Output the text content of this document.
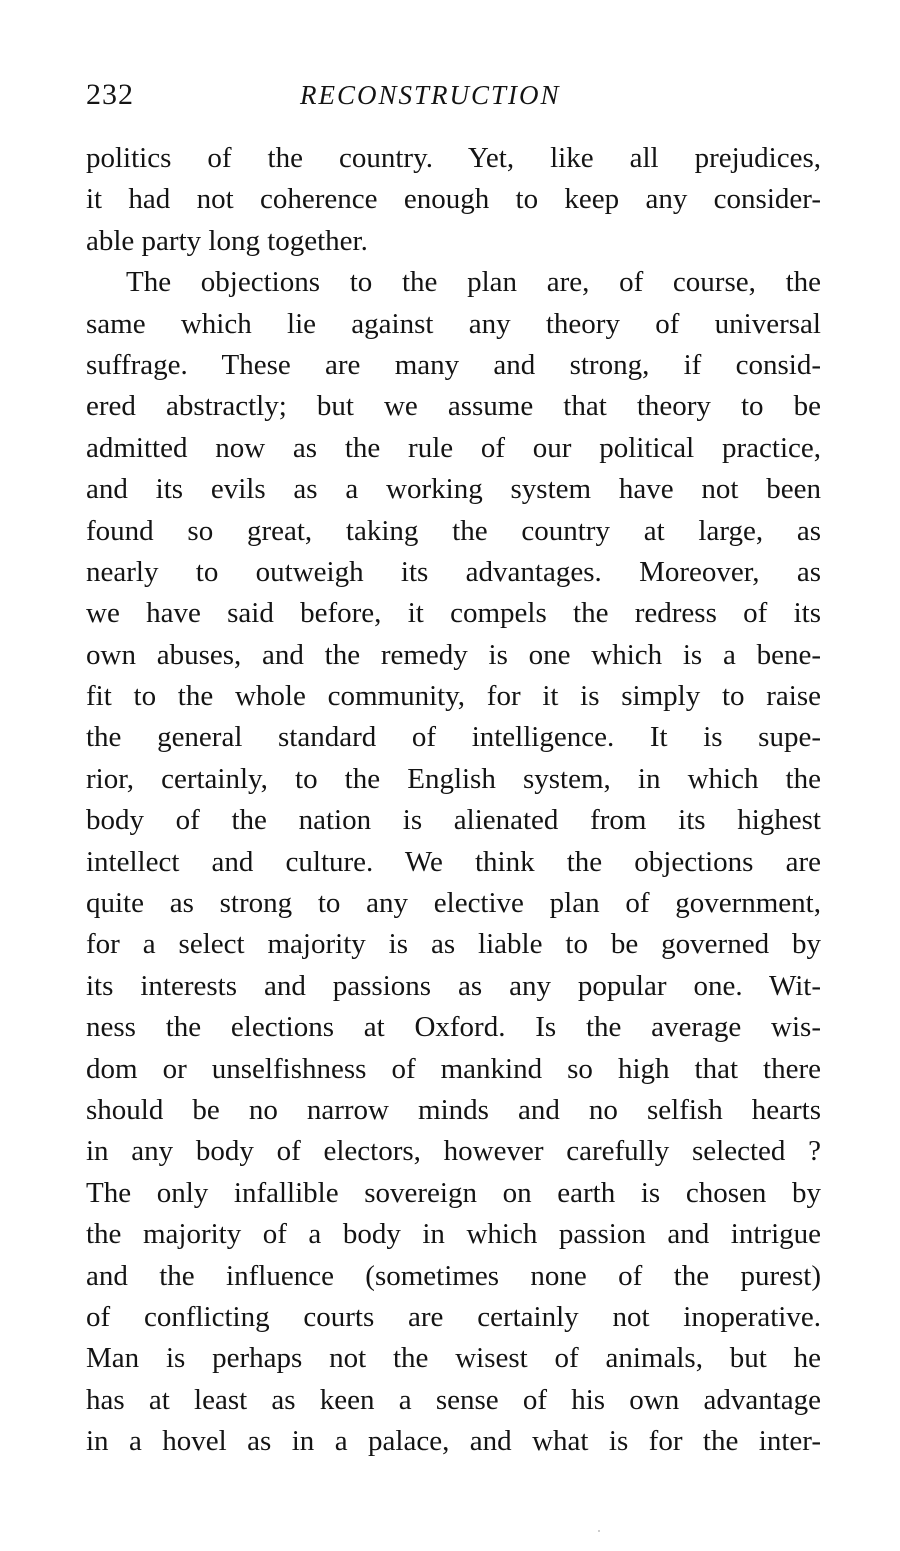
232	RECONSTRUCTION
politics of the country. Yet, like all prejudices,
it had not coherence enough to keep any consider-
able party long together.
The objections to the plan are, of course, the
same which lie against any theory of universal
suffrage. These are many and strong, if consid-
ered abstractly; but we assume that theory to be
admitted now as the rule of our political practice,
and its evils as a working system have not been
found so great, taking the country at large, as
nearly to outweigh its advantages. Moreover, as
we have said before, it compels the redress of its
own abuses, and the remedy is one which is a bene-
fit to the whole community, for it is simply to raise
the general standard of intelligence. It is supe-
rior, certainly, to the English system, in which the
body of the nation is alienated from its highest
intellect and culture. We think the objections are
quite as strong to any elective plan of government,
for a select majority is as liable to be governed by
its interests and passions as any popular one. Wit-
ness the elections at Oxford. Is the average wis-
dom or unselfishness of mankind so high that there
should be no narrow minds and no selfish hearts
in any body of electors, however carefully selected ?
The only infallible sovereign on earth is chosen by
the majority of a body in which passion and intrigue
and the influence (sometimes none of the purest)
of conflicting courts are certainly not inoperative.
Man is perhaps not the wisest of animals, but he
has at least as keen a sense of his own advantage
in a hovel as in a palace, and what is for the inter-
